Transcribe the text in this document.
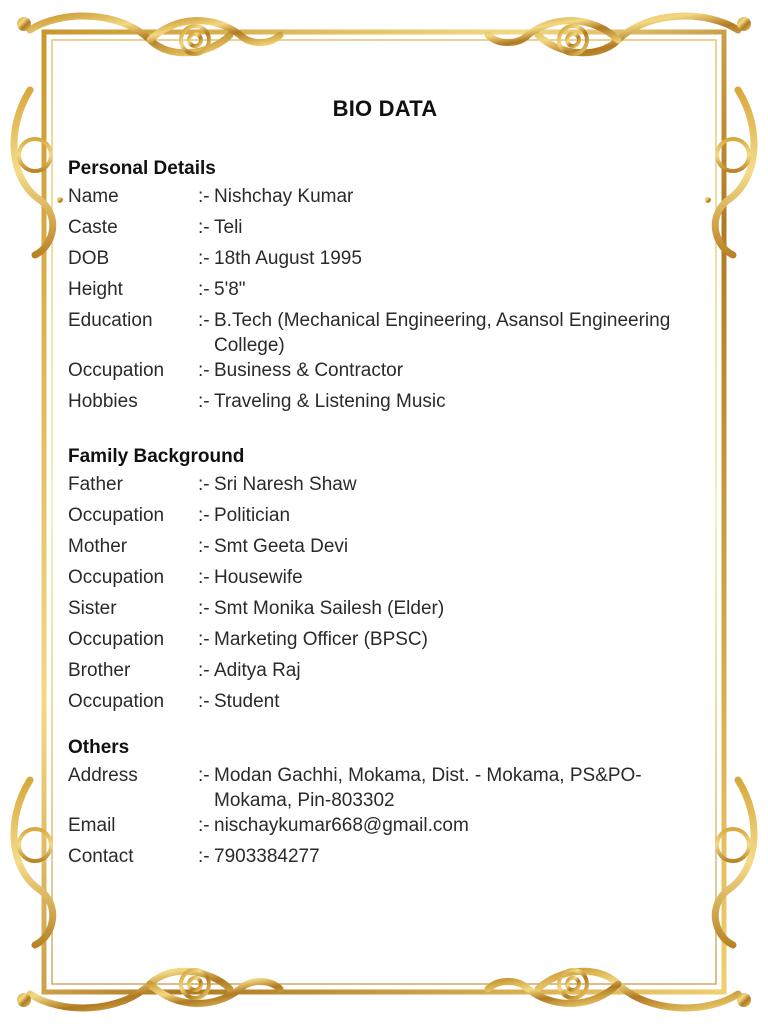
BIO DATA
Personal Details
Name	:- Nishchay Kumar
Caste	:- Teli
DOB	:- 18th August 1995
Height	:- 5'8"
Education	:- B.Tech (Mechanical Engineering, Asansol Engineering College)
Occupation	:- Business & Contractor
Hobbies	:- Traveling & Listening Music
Family Background
Father	:- Sri Naresh Shaw
Occupation	:- Politician
Mother	:- Smt Geeta Devi
Occupation	:- Housewife
Sister	:- Smt Monika Sailesh (Elder)
Occupation	:- Marketing Officer (BPSC)
Brother	:- Aditya Raj
Occupation	:- Student
Others
Address	:- Modan Gachhi, Mokama, Dist. - Mokama, PS&PO- Mokama, Pin-803302
Email	:- nischaykumar668@gmail.com
Contact	:- 7903384277
